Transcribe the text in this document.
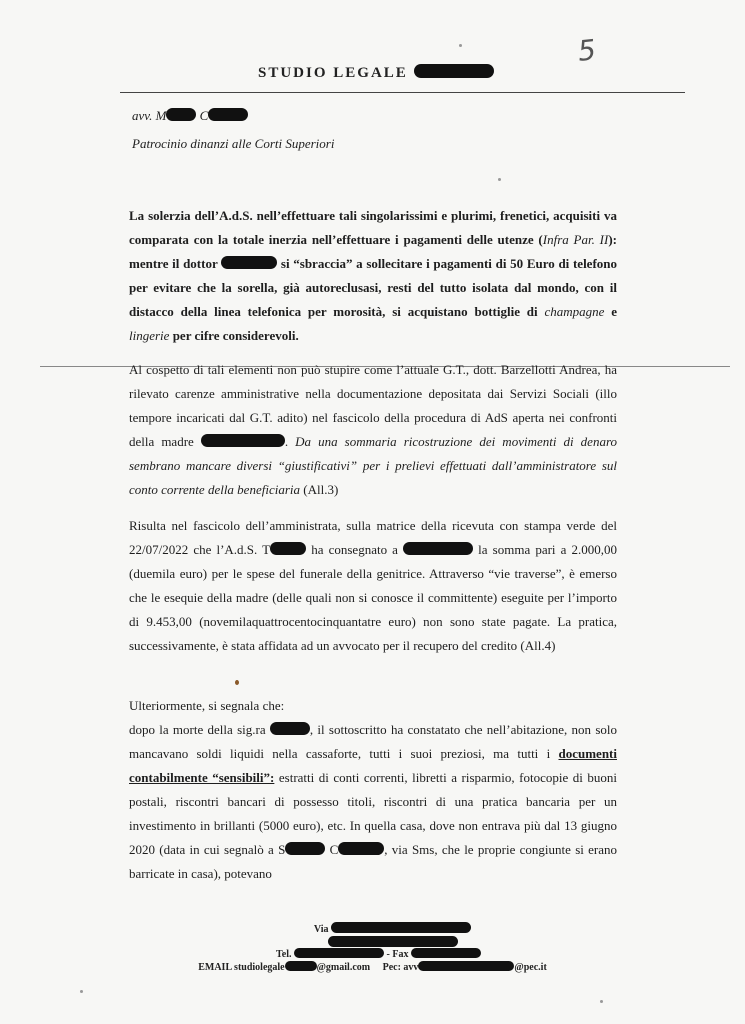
5
STUDIO LEGALE
avv. M	C
Patrocinio dinanzi alle Corti Superiori
La solerzia dell’A.d.S. nell’effettuare tali singolarissimi e plurimi, frenetici, acquisiti va comparata con la totale inerzia nell’effettuare i pagamenti delle utenze (Infra Par. II): mentre il dottor	si “sbraccia” a sollecitare i pagamenti di 50 Euro di telefono per evitare che la sorella, già autoreclusasi, resti del tutto isolata dal mondo, con il distacco della linea telefonica per morosità, si acquistano bottiglie di champagne e lingerie per cifre considerevoli.
Al cospetto di tali elementi non può stupire come l’attuale G.T., dott. Barzellotti Andrea, ha rilevato carenze amministrative nella documentazione depositata dai Servizi Sociali (illo tempore incaricati dal G.T. adito) nel fascicolo della procedura di AdS aperta nei confronti della madre	. Da una sommaria ricostruzione dei movimenti di denaro sembrano mancare diversi “giustificativi” per i prelievi effettuati dall’amministratore sul conto corrente della beneficiaria (All.3)
Risulta nel fascicolo dell’amministrata, sulla matrice della ricevuta con stampa verde del 22/07/2022 che l’A.d.S. T	ha consegnato a	la somma pari a 2.000,00 (duemila euro) per le spese del funerale della genitrice. Attraverso “vie traverse”, è emerso che le esequie della madre (delle quali non si conosce il committente) eseguite per l’importo di 9.453,00 (novemilaquattrocentocinquantatre euro) non sono state pagate. La pratica, successivamente, è stata affidata ad un avvocato per il recupero del credito (All.4)
Ulteriormente, si segnala che:
dopo la morte della sig.ra	, il sottoscritto ha constatato che nell’abitazione, non solo mancavano soldi liquidi nella cassaforte, tutti i suoi preziosi, ma tutti i documenti contabilmente “sensibili”: estratti di conti correnti, libretti a risparmio, fotocopie di buoni postali, riscontri bancari di possesso titoli, riscontri di una pratica bancaria per un investimento in brillanti (5000 euro), etc. In quella casa, dove non entrava più dal 13 giugno 2020 (data in cui segnalò a S	C	, via Sms, che le proprie congiunte si erano barricate in casa), potevano
Via
Tel.	- Fax
EMAIL studiolegale	@gmail.com Pec: avv	@pec.it
